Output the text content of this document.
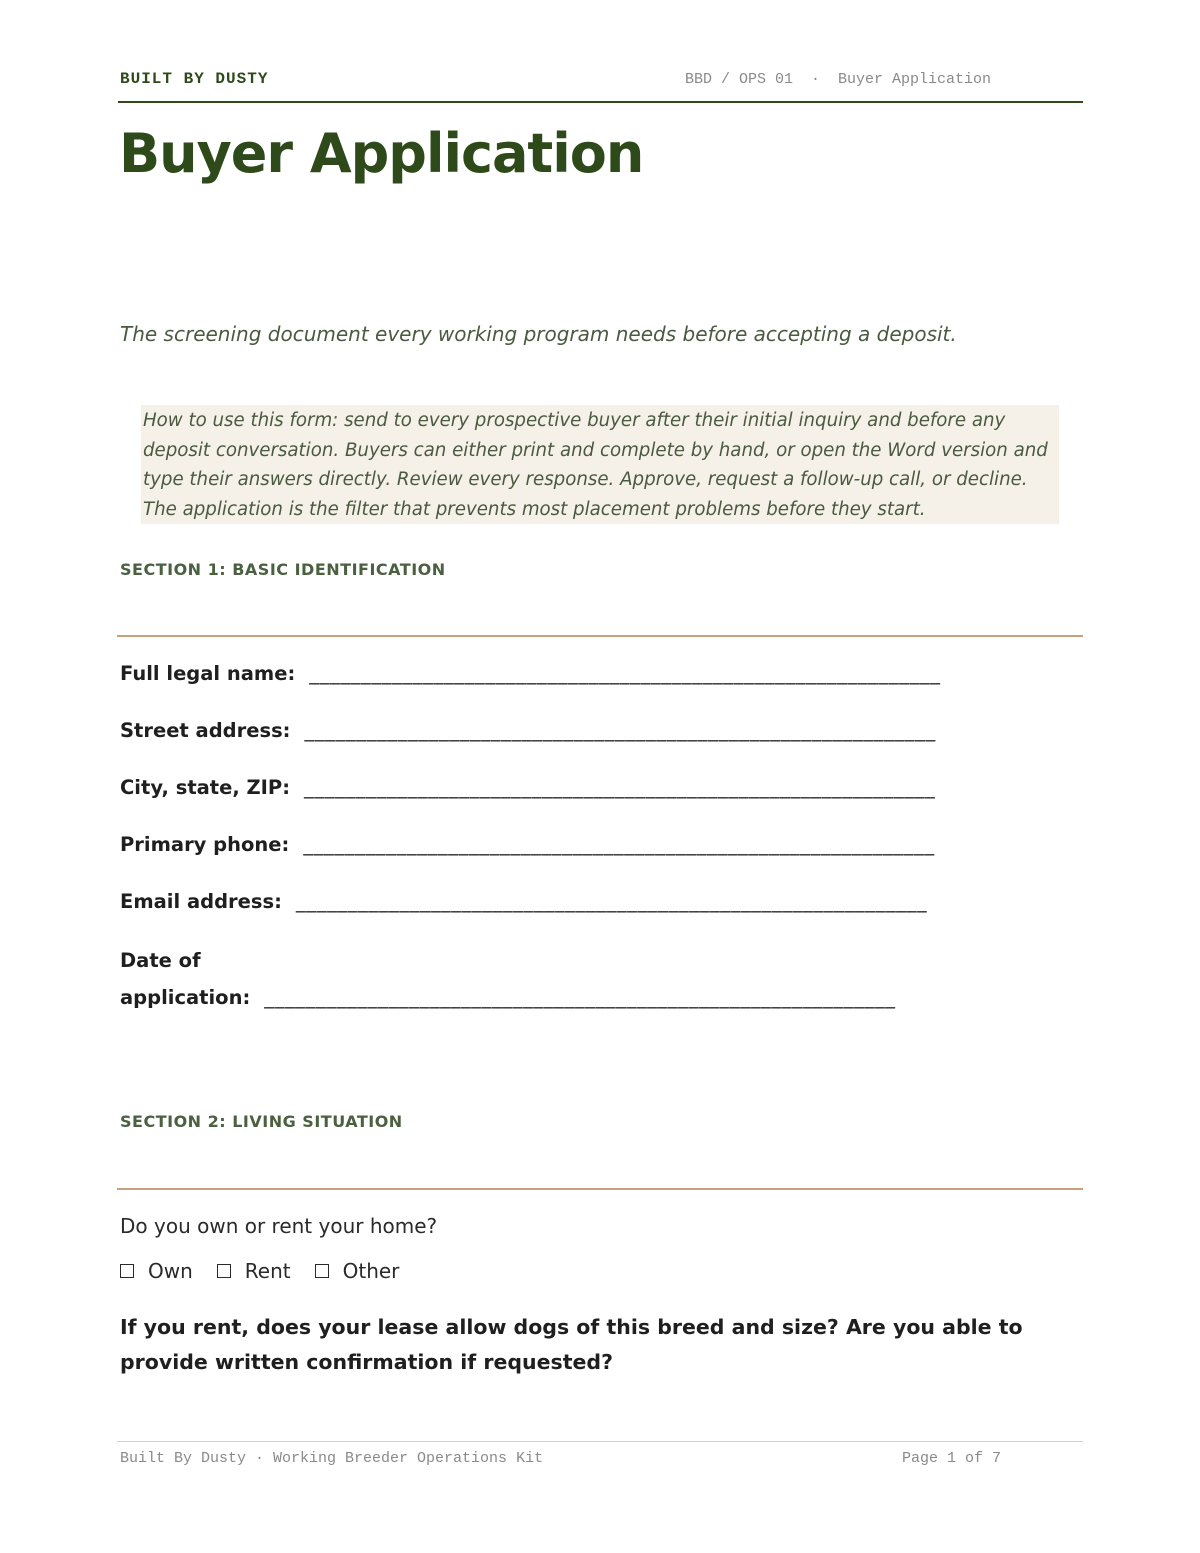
BUILT BY DUSTY	BBD / OPS 01  ·  Buyer Application
Buyer Application
The screening document every working program needs before accepting a deposit.

How to use this form: send to every prospective buyer after their initial inquiry and before any deposit conversation. Buyers can either print and complete by hand, or open the Word version and type their answers directly. Review every response. Approve, request a follow-up call, or decline. The application is the filter that prevents most placement problems before they start.

SECTION 1: BASIC IDENTIFICATION
Full legal name: _____________________________________________________________
Street address: _____________________________________________________________
City, state, ZIP: _____________________________________________________________
Primary phone: _____________________________________________________________
Email address: _____________________________________________________________
Date of
application: _____________________________________________________________
SECTION 2: LIVING SITUATION
Do you own or rent your home?
Own	Rent	Other
If you rent, does your lease allow dogs of this breed and size? Are you able to provide written confirmation if requested?
Built By Dusty · Working Breeder Operations Kit	Page 1 of 7
